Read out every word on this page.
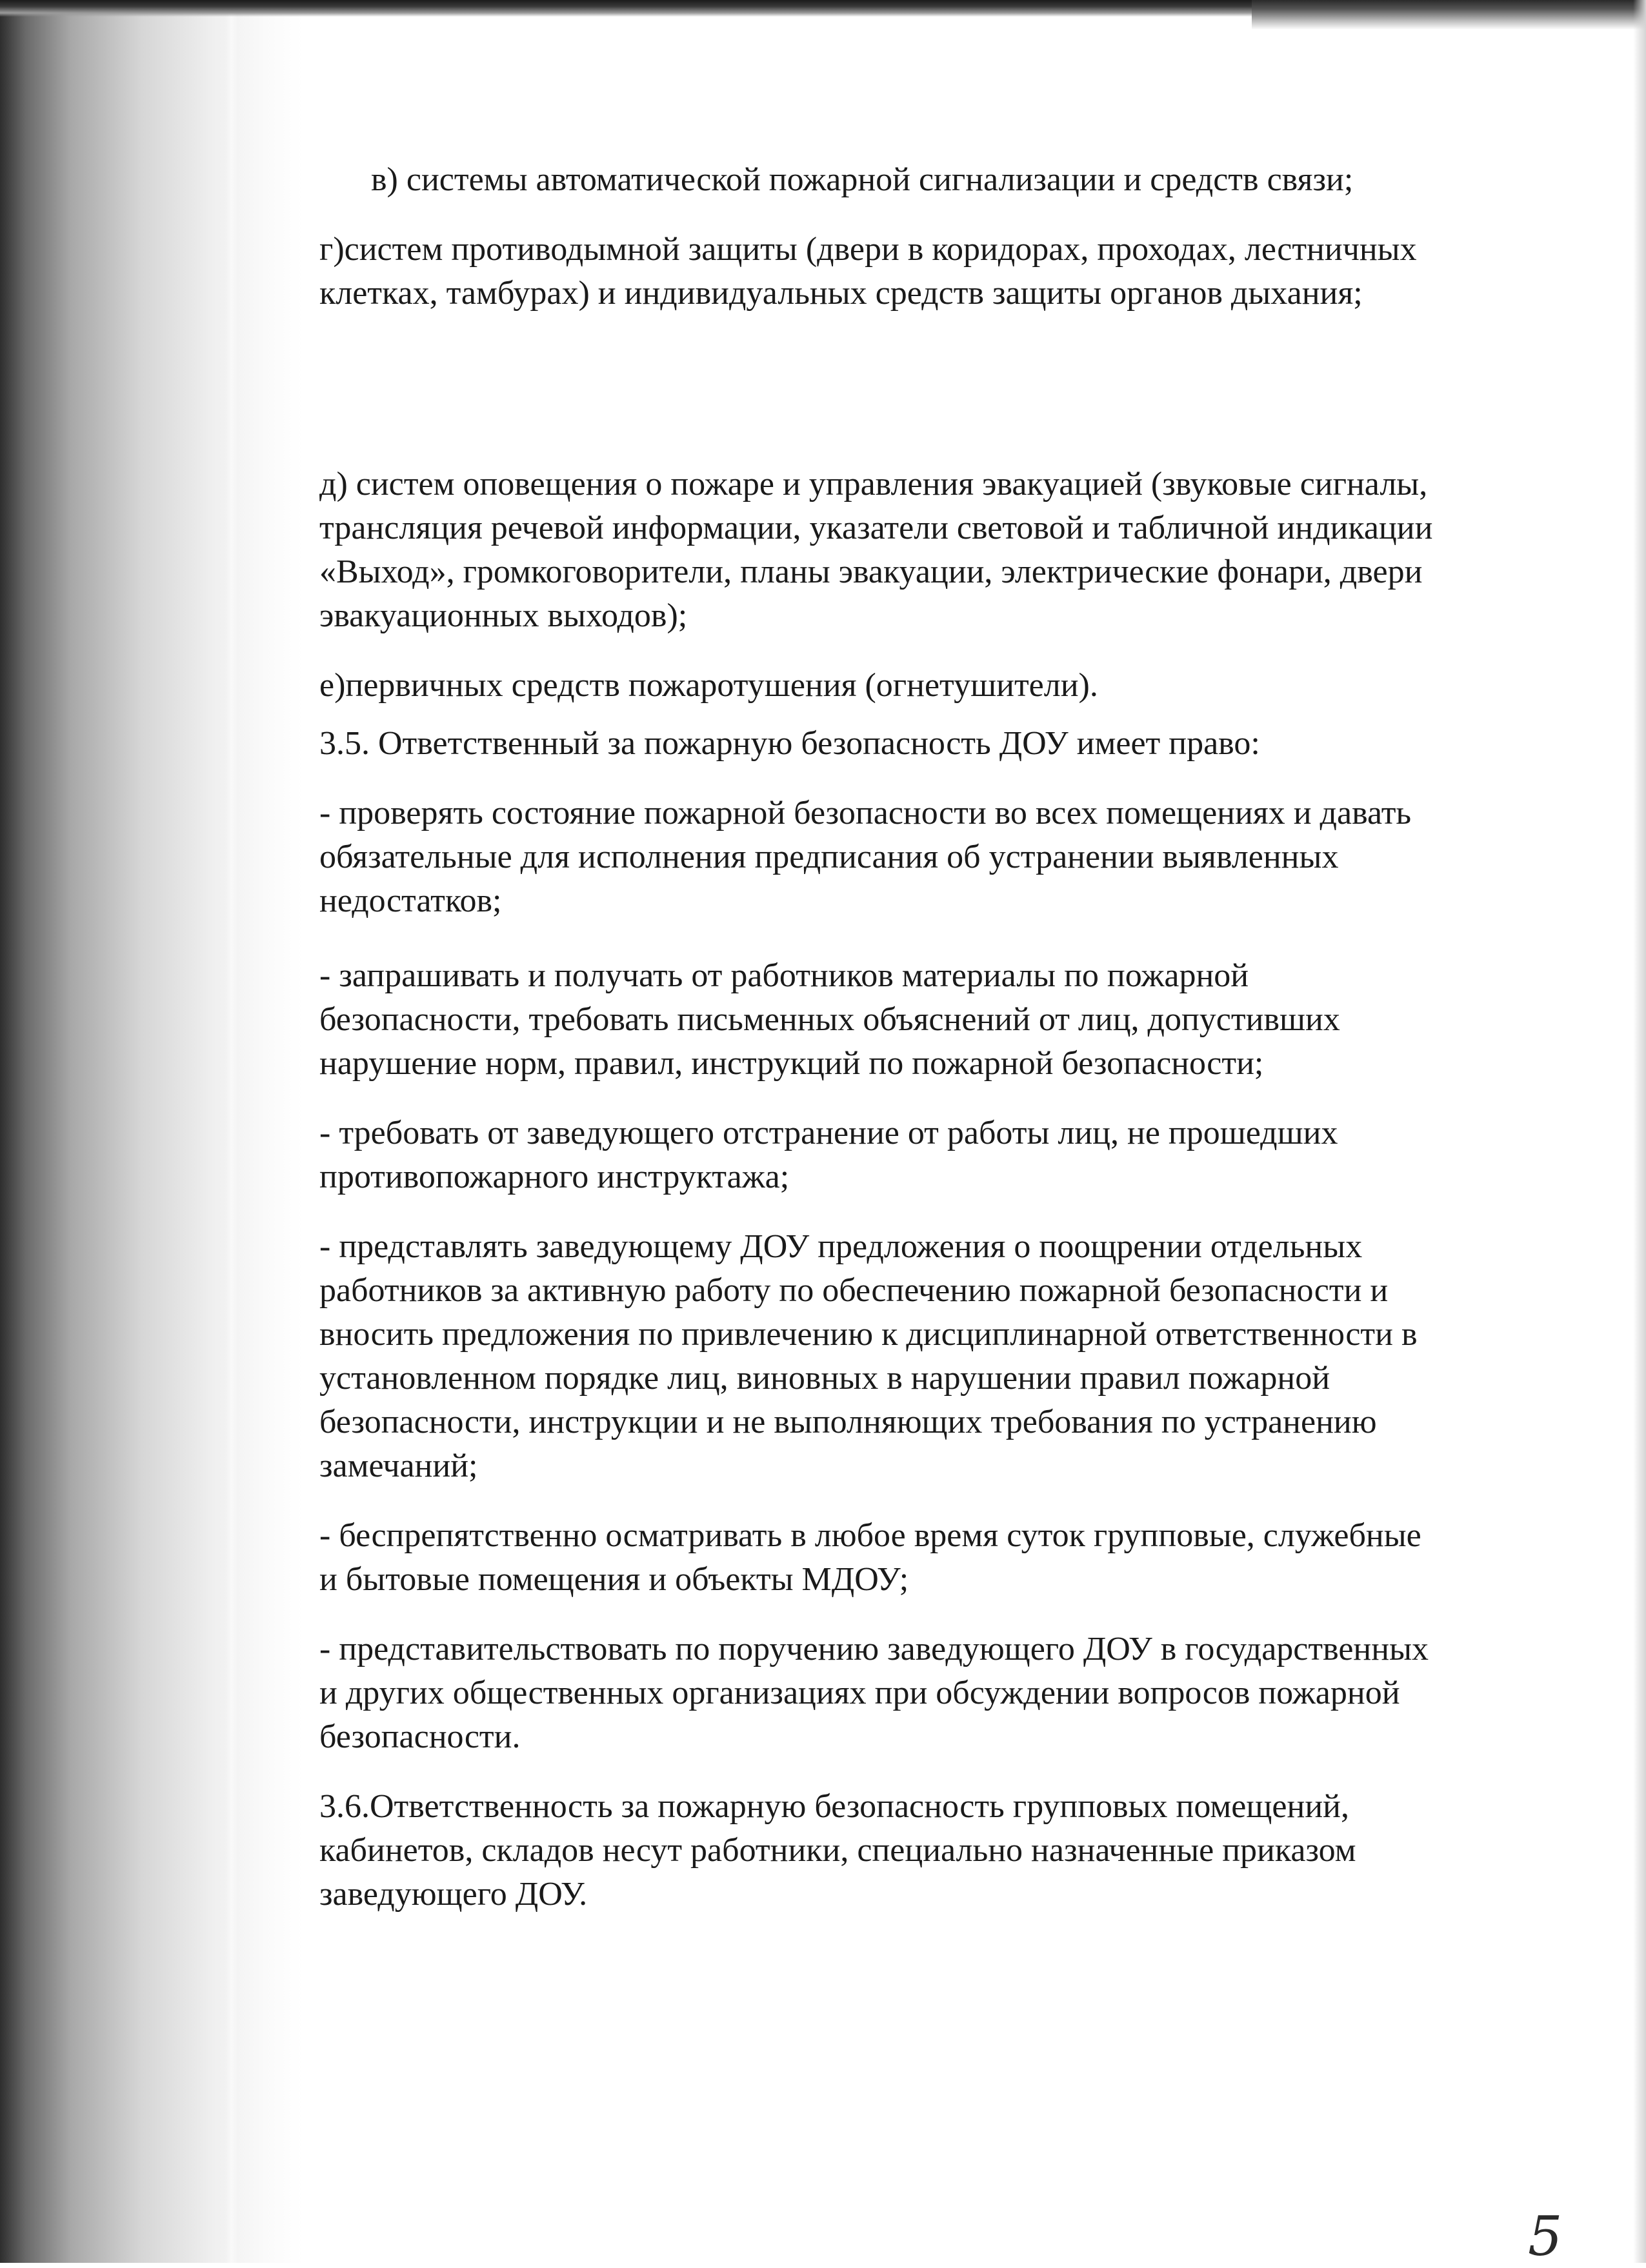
в) системы автоматической пожарной сигнализации и средств связи;

г)систем противодымной защиты (двери в коридорах, проходах, лестничных
клетках, тамбурах) и индивидуальных средств защиты органов дыхания;

д) систем оповещения о пожаре и управления эвакуацией (звуковые сигналы,
трансляция речевой информации, указатели световой и табличной индикации
«Выход», громкоговорители, планы эвакуации, электрические фонари, двери
эвакуационных выходов);

е)первичных средств пожаротушения (огнетушители).

3.5. Ответственный за пожарную безопасность ДОУ имеет право:

- проверять состояние пожарной безопасности во всех помещениях и давать
обязательные для исполнения предписания об устранении выявленных
недостатков;

- запрашивать и получать от работников материалы по пожарной
безопасности, требовать письменных объяснений от лиц, допустивших
нарушение норм, правил, инструкций по пожарной безопасности;

- требовать от заведующего отстранение от работы лиц, не прошедших
противопожарного инструктажа;

- представлять заведующему ДОУ предложения о поощрении отдельных
работников за активную работу по обеспечению пожарной безопасности и
вносить предложения по привлечению к дисциплинарной ответственности в
установленном порядке лиц, виновных в нарушении правил пожарной
безопасности, инструкции и не выполняющих требования по устранению
замечаний;

- беспрепятственно осматривать в любое время суток групповые, служебные
и бытовые помещения и объекты МДОУ;

- представительствовать по поручению заведующего ДОУ в государственных
и других общественных организациях при обсуждении вопросов пожарной
безопасности.

3.6.Ответственность за пожарную безопасность групповых помещений,
кабинетов, складов несут работники, специально назначенные приказом
заведующего ДОУ.

5
